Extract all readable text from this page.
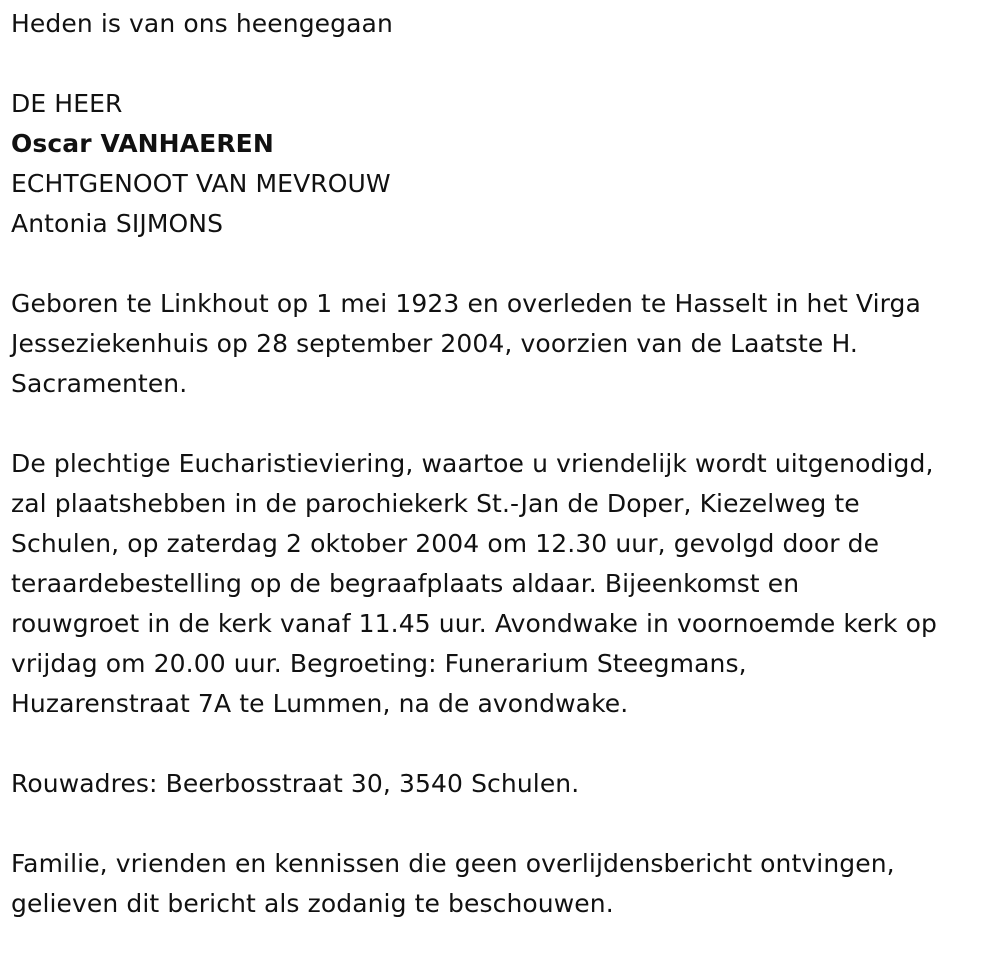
Heden is van ons heengegaan
DE HEER
Oscar VANHAEREN
ECHTGENOOT VAN MEVROUW
Antonia SIJMONS
Geboren te Linkhout op 1 mei 1923 en overleden te Hasselt in het Virga
Jesseziekenhuis op 28 september 2004, voorzien van de Laatste H.
Sacramenten.
De plechtige Eucharistieviering, waartoe u vriendelijk wordt uitgenodigd,
zal plaatshebben in de parochiekerk St.-Jan de Doper, Kiezelweg te
Schulen, op zaterdag 2 oktober 2004 om 12.30 uur, gevolgd door de
teraardebestelling op de begraafplaats aldaar. Bijeenkomst en
rouwgroet in de kerk vanaf 11.45 uur. Avondwake in voornoemde kerk op
vrijdag om 20.00 uur. Begroeting: Funerarium Steegmans,
Huzarenstraat 7A te Lummen, na de avondwake.
Rouwadres: Beerbosstraat 30, 3540 Schulen.
Familie, vrienden en kennissen die geen overlijdensbericht ontvingen,
gelieven dit bericht als zodanig te beschouwen.
